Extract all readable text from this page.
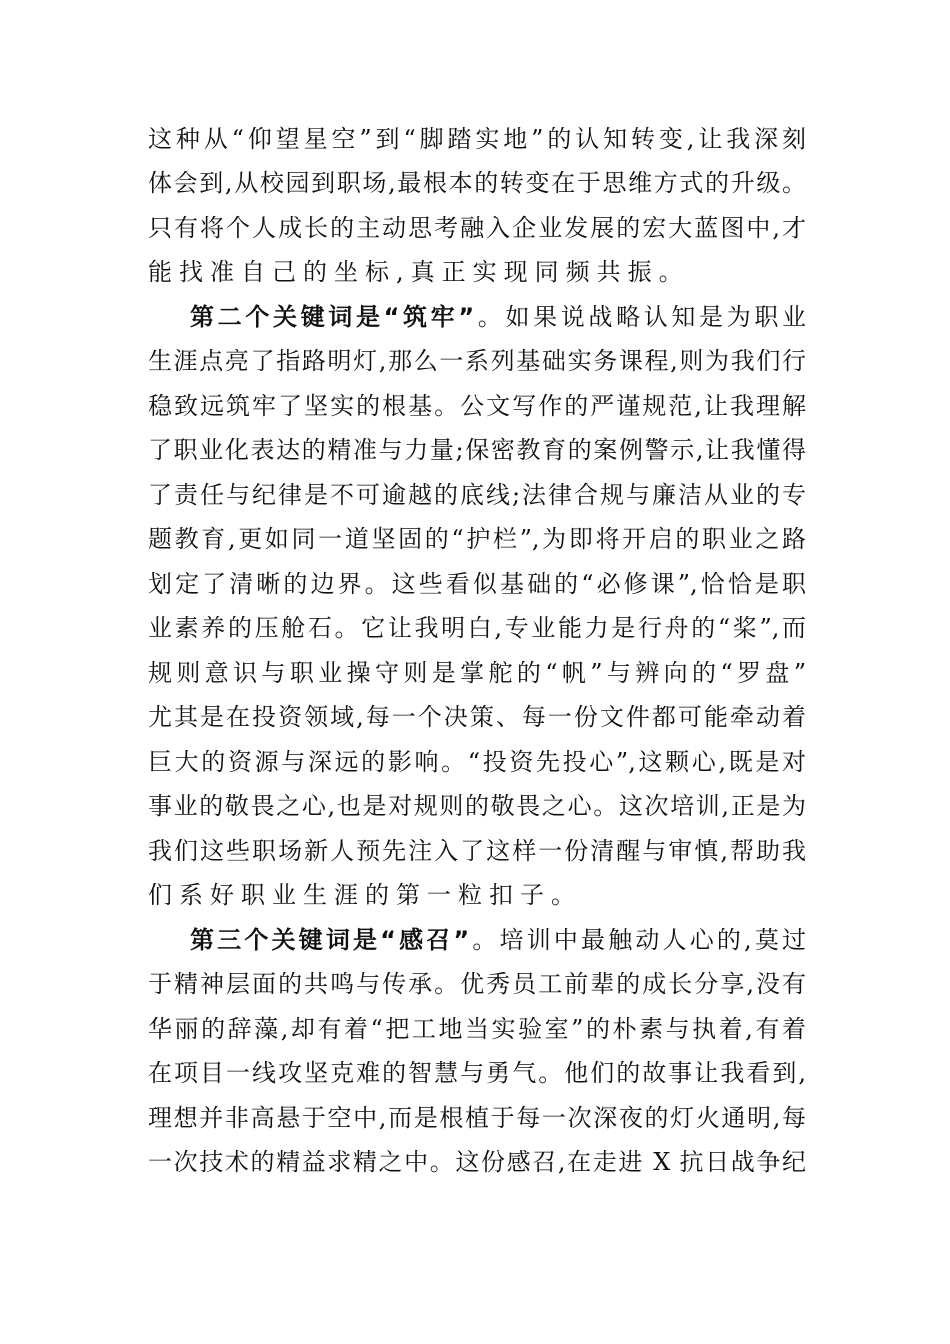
这种从“仰望星空”到“脚踏实地”的认知转变,让我深刻
体会到,从校园到职场,最根本的转变在于思维方式的升级。
只有将个人成长的主动思考融入企业发展的宏大蓝图中,才
能找准自己的坐标,真正实现同频共振。
第二个关键词是“筑牢”。如果说战略认知是为职业
生涯点亮了指路明灯,那么一系列基础实务课程,则为我们行
稳致远筑牢了坚实的根基。公文写作的严谨规范,让我理解
了职业化表达的精准与力量;保密教育的案例警示,让我懂得
了责任与纪律是不可逾越的底线;法律合规与廉洁从业的专
题教育,更如同一道坚固的“护栏”,为即将开启的职业之路
划定了清晰的边界。这些看似基础的“必修课”,恰恰是职
业素养的压舱石。它让我明白,专业能力是行舟的“桨”,而
规则意识与职业操守则是掌舵的“帆”与辨向的“罗盘”
尤其是在投资领域,每一个决策、每一份文件都可能牵动着
巨大的资源与深远的影响。“投资先投心”,这颗心,既是对
事业的敬畏之心,也是对规则的敬畏之心。这次培训,正是为
我们这些职场新人预先注入了这样一份清醒与审慎,帮助我
们系好职业生涯的第一粒扣子。
第三个关键词是“感召”。培训中最触动人心的,莫过
于精神层面的共鸣与传承。优秀员工前辈的成长分享,没有
华丽的辞藻,却有着“把工地当实验室”的朴素与执着,有着
在项目一线攻坚克难的智慧与勇气。他们的故事让我看到,
理想并非高悬于空中,而是根植于每一次深夜的灯火通明,每
一次技术的精益求精之中。这份感召,在走进 X 抗日战争纪
